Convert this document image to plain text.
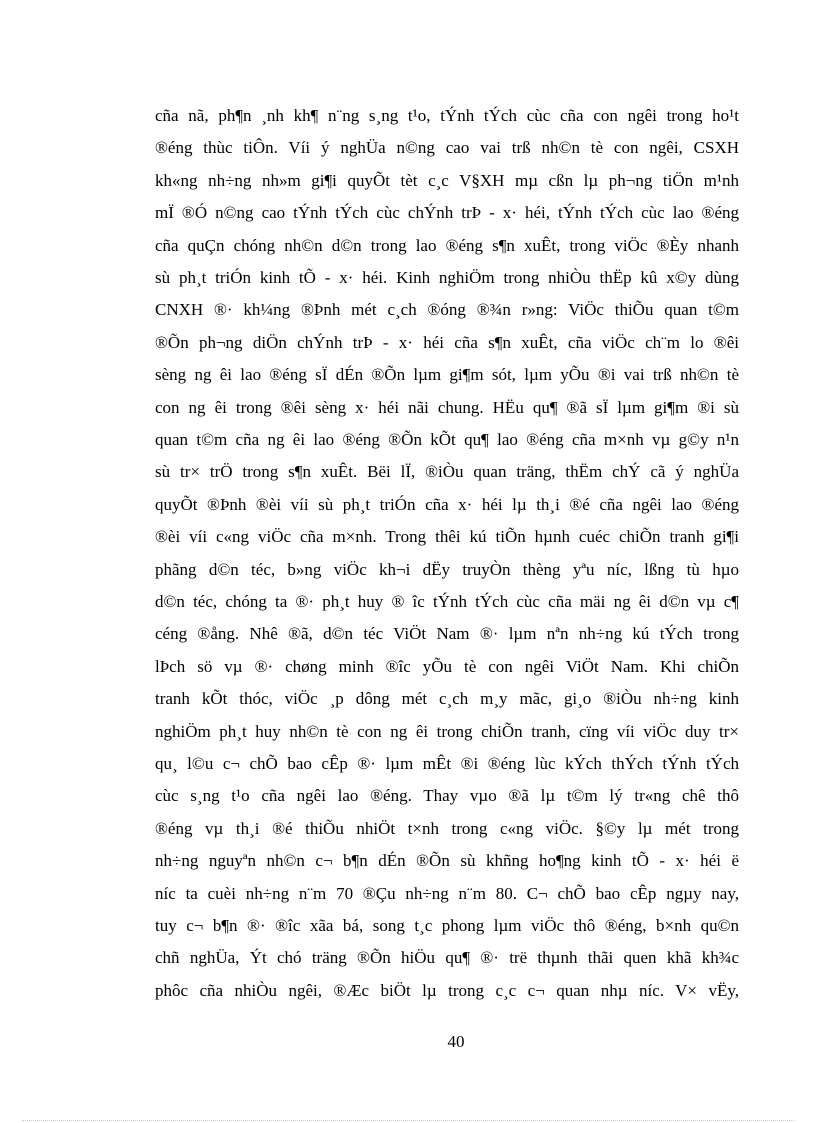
cña nã, ph¶n ¸nh kh¶ n¨ng s¸ng t¹o, tÝnh tÝch cùc cña con ngêi trong ho¹t
®éng thùc tiÔn. Víi ý nghÜa n©ng cao vai trß nh©n tè con ngêi, CSXH
kh«ng nh÷ng nh»m gi¶i quyÕt tèt c¸c V§XH mµ cßn lµ ph¬ng tiÖn m¹nh
mÏ ®Ó n©ng cao tÝnh tÝch cùc chÝnh trÞ - x· héi, tÝnh tÝch cùc lao ®éng
cña quÇn chóng nh©n d©n trong lao ®éng s¶n xuÊt, trong viÖc ®Èy nhanh
sù ph¸t triÓn kinh tÕ - x· héi. Kinh nghiÖm trong nhiÒu thËp kû x©y dùng
CNXH ®· kh¼ng ®Þnh mét c¸ch ®óng ®¾n r»ng: ViÖc thiÕu quan t©m
®Õn ph¬ng diÖn chÝnh trÞ - x· héi cña s¶n xuÊt, cña viÖc ch¨m lo ®êi
sèng ng êi lao ®éng sÏ dÉn ®Õn lµm gi¶m sót, lµm yÕu ®i vai trß nh©n tè
con ng êi trong ®êi sèng x· héi nãi chung. HËu qu¶ ®ã sÏ lµm gi¶m ®i sù
quan t©m cña ng êi lao ®éng ®Õn kÕt qu¶ lao ®éng cña m×nh vµ g©y n¹n
sù tr× trÖ trong s¶n xuÊt. Bëi lÏ, ®iÒu quan träng, thËm chÝ cã ý nghÜa
quyÕt ®Þnh ®èi víi sù ph¸t triÓn cña x· héi lµ th¸i ®é cña ngêi lao ®éng
®èi víi c«ng viÖc cña m×nh. Trong thêi kú tiÕn hµnh cuéc chiÕn tranh gi¶i
phãng d©n téc, b»ng viÖc kh¬i dËy truyÒn thèng yªu níc, lßng tù hµo
d©n téc, chóng ta ®· ph¸t huy ® îc tÝnh tÝch cùc cña mäi ng êi d©n vµ c¶
céng ®ång. Nhê ®ã, d©n téc ViÖt Nam ®· lµm nªn nh÷ng kú tÝch trong
lÞch sö vµ ®· chøng minh ®îc yÕu tè con ngêi ViÖt Nam. Khi chiÕn
tranh kÕt thóc, viÖc ¸p dông mét c¸ch m¸y mãc, gi¸o ®iÒu nh÷ng kinh
nghiÖm ph¸t huy nh©n tè con ng êi trong chiÕn tranh, cïng víi viÖc duy tr×
qu¸ l©u c¬ chÕ bao cÊp ®· lµm mÊt ®i ®éng lùc kÝch thÝch tÝnh tÝch
cùc s¸ng t¹o cña ngêi lao ®éng. Thay vµo ®ã lµ t©m lý tr«ng chê thô
®éng vµ th¸i ®é thiÕu nhiÖt t×nh trong c«ng viÖc. §©y lµ mét trong
nh÷ng nguyªn nh©n c¬ b¶n dÉn ®Õn sù khñng ho¶ng kinh tÕ - x· héi ë
níc ta cuèi nh÷ng n¨m 70 ®Çu nh÷ng n¨m 80. C¬ chÕ bao cÊp ngµy nay,
tuy c¬ b¶n ®· ®îc xãa bá, song t¸c phong lµm viÖc thô ®éng, b×nh qu©n
chñ nghÜa, Ýt chó träng ®Õn hiÖu qu¶ ®· trë thµnh thãi quen khã kh¾c
phôc cña nhiÒu ngêi, ®Æc biÖt lµ trong c¸c c¬ quan nhµ níc. V× vËy,
40
